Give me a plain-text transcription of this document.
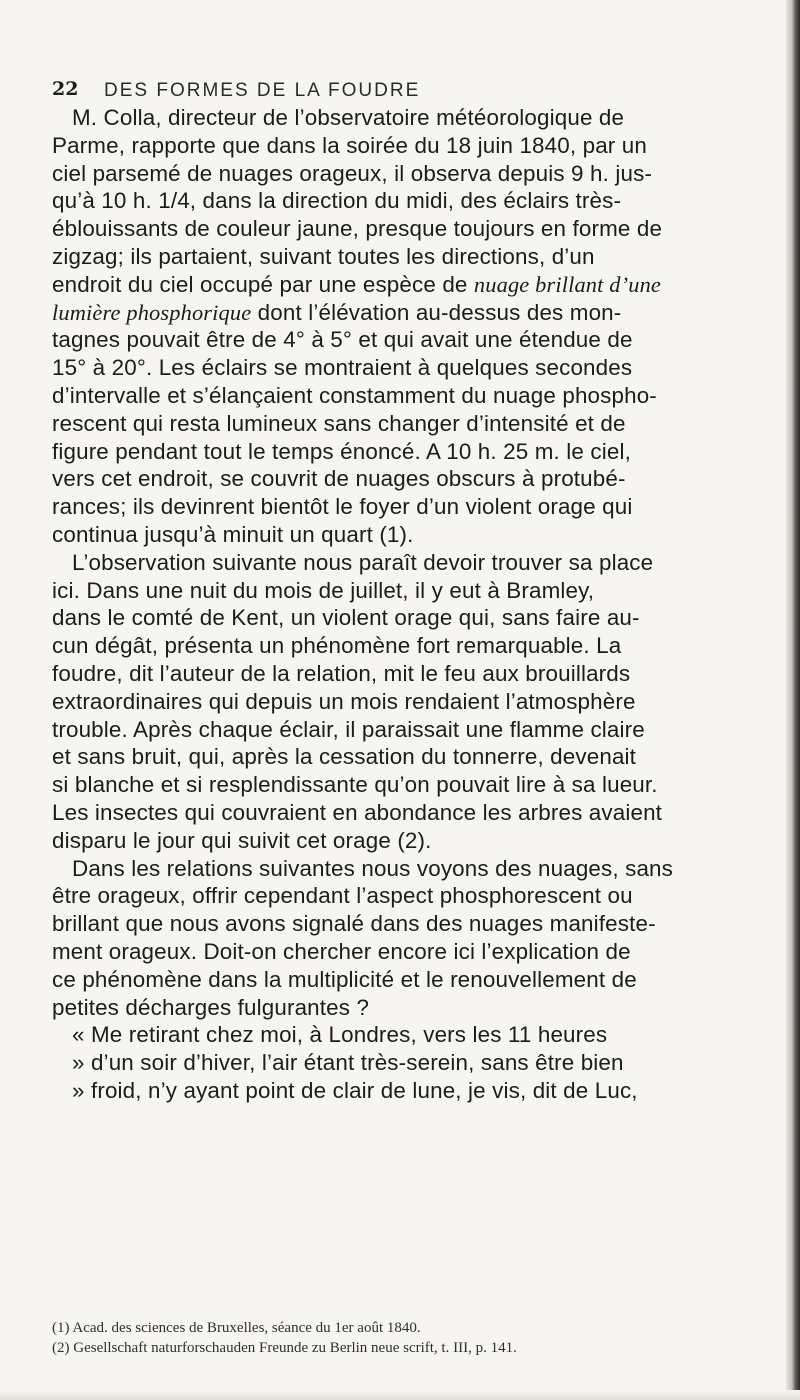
22 DES FORMES DE LA FOUDRE
M. Colla, directeur de l’observatoire météorologique de
Parme, rapporte que dans la soirée du 18 juin 1840, par un
ciel parsemé de nuages orageux, il observa depuis 9 h. jus-
qu’à 10 h. 1/4, dans la direction du midi, des éclairs très-
éblouissants de couleur jaune, presque toujours en forme de
zigzag; ils partaient, suivant toutes les directions, d’un
endroit du ciel occupé par une espèce de nuage brillant d’une
lumière phosphorique dont l’élévation au-dessus des mon-
tagnes pouvait être de 4° à 5° et qui avait une étendue de
15° à 20°. Les éclairs se montraient à quelques secondes
d’intervalle et s’élançaient constamment du nuage phospho-
rescent qui resta lumineux sans changer d’intensité et de
figure pendant tout le temps énoncé. A 10 h. 25 m. le ciel,
vers cet endroit, se couvrit de nuages obscurs à protubé-
rances; ils devinrent bientôt le foyer d’un violent orage qui
continua jusqu’à minuit un quart (1).
L’observation suivante nous paraît devoir trouver sa place
ici. Dans une nuit du mois de juillet, il y eut à Bramley,
dans le comté de Kent, un violent orage qui, sans faire au-
cun dégât, présenta un phénomène fort remarquable. La
foudre, dit l’auteur de la relation, mit le feu aux brouillards
extraordinaires qui depuis un mois rendaient l’atmosphère
trouble. Après chaque éclair, il paraissait une flamme claire
et sans bruit, qui, après la cessation du tonnerre, devenait
si blanche et si resplendissante qu’on pouvait lire à sa lueur.
Les insectes qui couvraient en abondance les arbres avaient
disparu le jour qui suivit cet orage (2).
Dans les relations suivantes nous voyons des nuages, sans
être orageux, offrir cependant l’aspect phosphorescent ou
brillant que nous avons signalé dans des nuages manifeste-
ment orageux. Doit-on chercher encore ici l’explication de
ce phénomène dans la multiplicité et le renouvellement de
petites décharges fulgurantes ?
« Me retirant chez moi, à Londres, vers les 11 heures
» d’un soir d’hiver, l’air étant très-serein, sans être bien
» froid, n’y ayant point de clair de lune, je vis, dit de Luc,
(1) Acad. des sciences de Bruxelles, séance du 1er août 1840.
(2) Gesellschaft naturforschauden Freunde zu Berlin neue scrift, t. III, p. 141.
